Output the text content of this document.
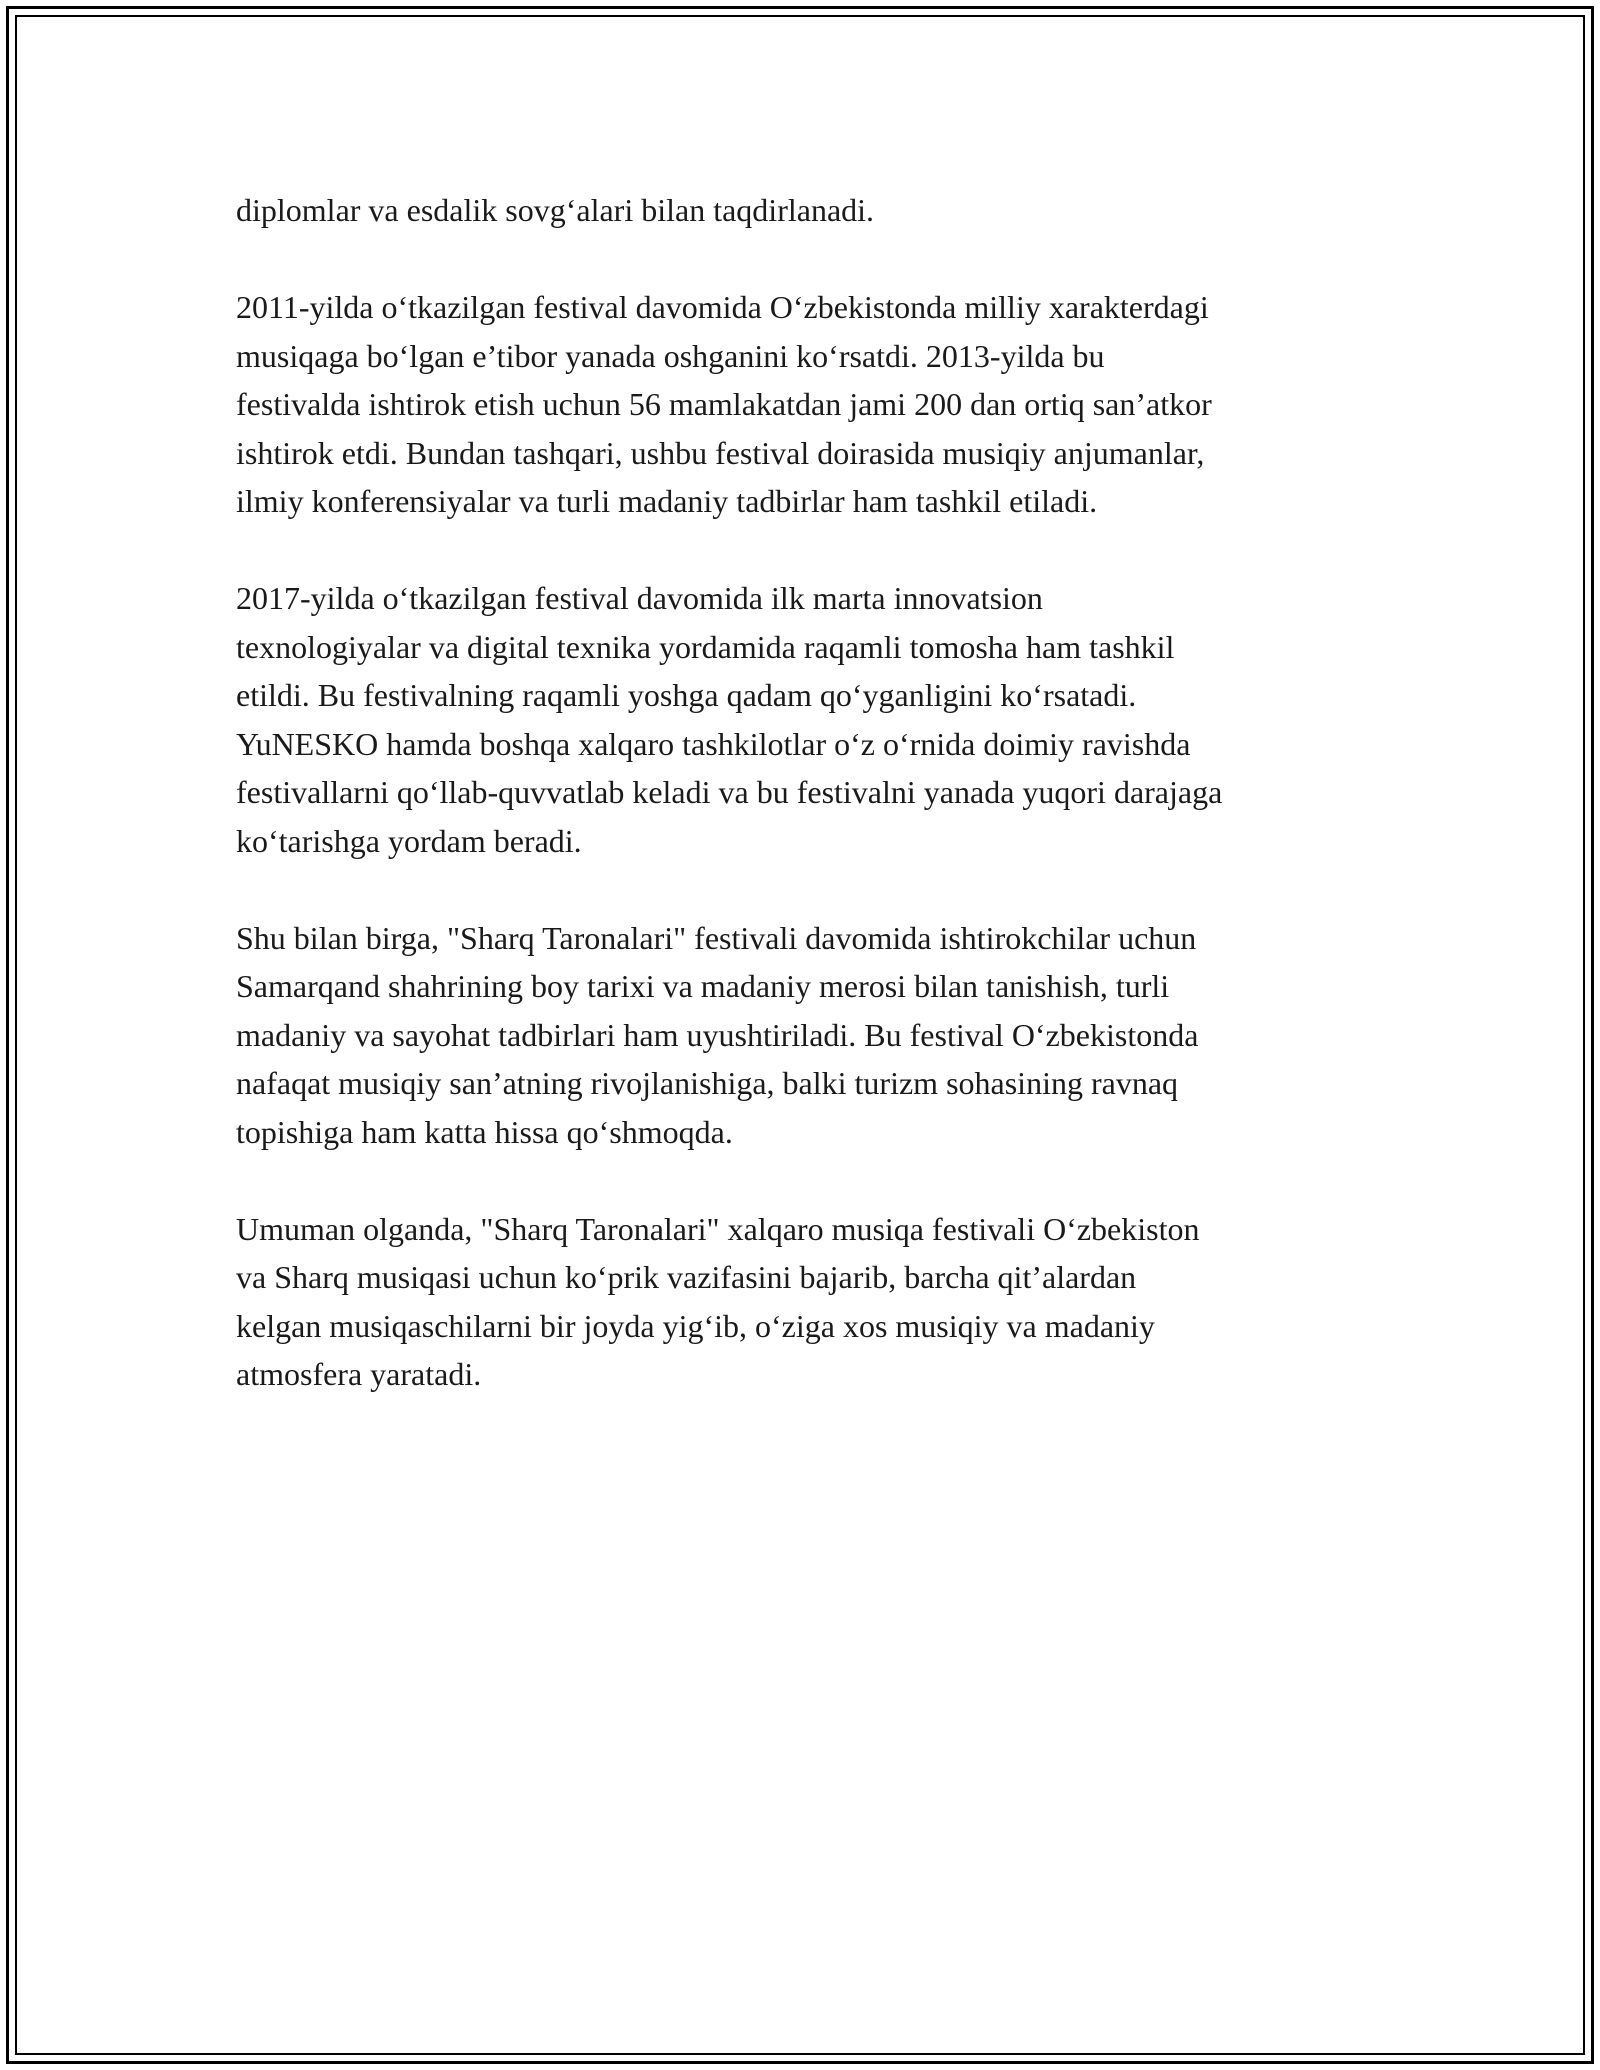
diplomlar va esdalik sovg‘alari bilan taqdirlanadi.

2011-yilda o‘tkazilgan festival davomida O‘zbekistonda milliy xarakterdagi
musiqaga bo‘lgan e’tibor yanada oshganini ko‘rsatdi. 2013-yilda bu
festivalda ishtirok etish uchun 56 mamlakatdan jami 200 dan ortiq san’atkor
ishtirok etdi. Bundan tashqari, ushbu festival doirasida musiqiy anjumanlar,
ilmiy konferensiyalar va turli madaniy tadbirlar ham tashkil etiladi.

2017-yilda o‘tkazilgan festival davomida ilk marta innovatsion
texnologiyalar va digital texnika yordamida raqamli tomosha ham tashkil
etildi. Bu festivalning raqamli yoshga qadam qo‘yganligini ko‘rsatadi.
YuNESKO hamda boshqa xalqaro tashkilotlar o‘z o‘rnida doimiy ravishda
festivallarni qo‘llab-quvvatlab keladi va bu festivalni yanada yuqori darajaga
ko‘tarishga yordam beradi.

Shu bilan birga, "Sharq Taronalari" festivali davomida ishtirokchilar uchun
Samarqand shahrining boy tarixi va madaniy merosi bilan tanishish, turli
madaniy va sayohat tadbirlari ham uyushtiriladi. Bu festival O‘zbekistonda
nafaqat musiqiy san’atning rivojlanishiga, balki turizm sohasining ravnaq
topishiga ham katta hissa qo‘shmoqda.

Umuman olganda, "Sharq Taronalari" xalqaro musiqa festivali O‘zbekiston
va Sharq musiqasi uchun ko‘prik vazifasini bajarib, barcha qit’alardan
kelgan musiqaschilarni bir joyda yig‘ib, o‘ziga xos musiqiy va madaniy
atmosfera yaratadi.
